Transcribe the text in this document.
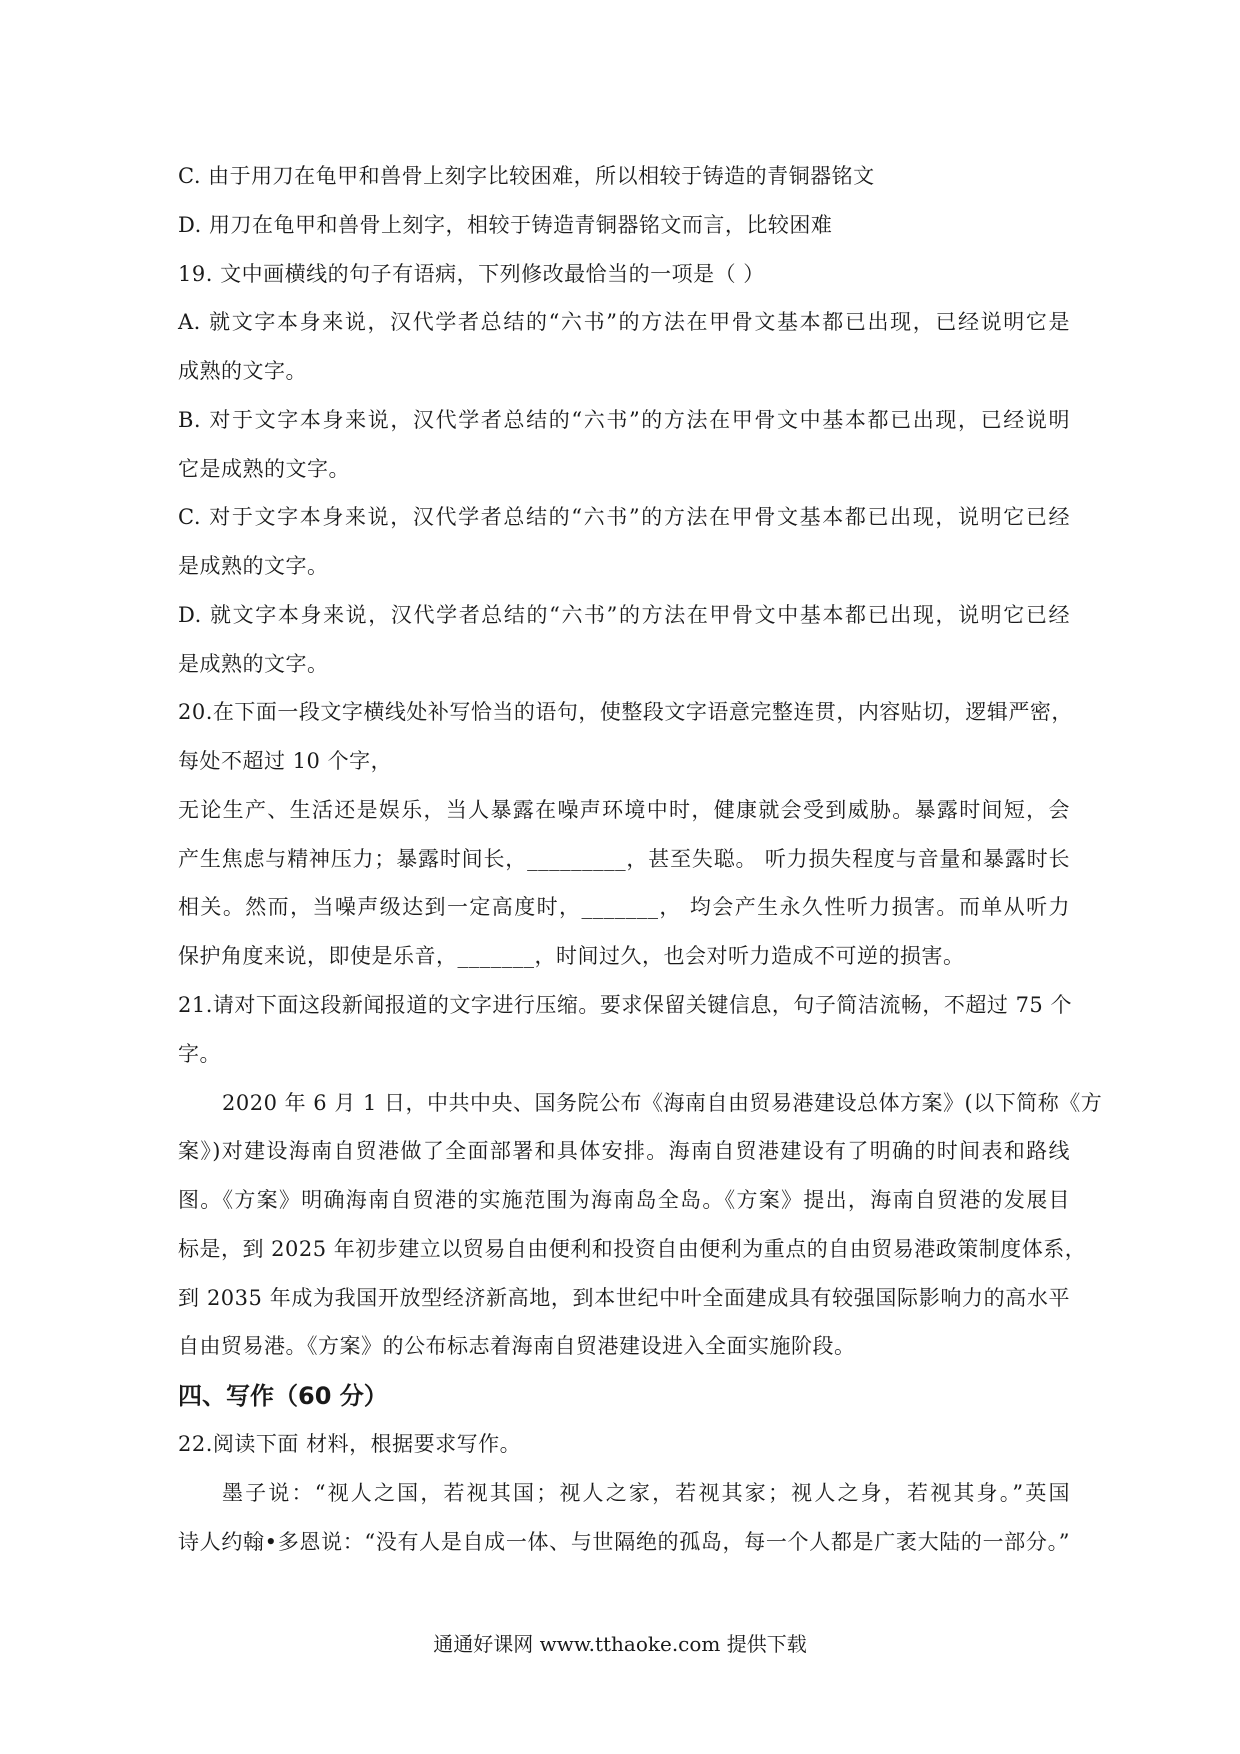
C. 由于用刀在龟甲和兽骨上刻字比较困难，所以相较于铸造的青铜器铭文
D. 用刀在龟甲和兽骨上刻字，相较于铸造青铜器铭文而言，比较困难
19. 文中画横线的句子有语病，下列修改最恰当的一项是（ ）
A. 就文字本身来说，汉代学者总结的“六书”的方法在甲骨文基本都已出现，已经说明它是
成熟的文字。
B. 对于文字本身来说，汉代学者总结的“六书”的方法在甲骨文中基本都已出现，已经说明
它是成熟的文字。
C. 对于文字本身来说，汉代学者总结的“六书”的方法在甲骨文基本都已出现，说明它已经
是成熟的文字。
D. 就文字本身来说，汉代学者总结的“六书”的方法在甲骨文中基本都已出现，说明它已经
是成熟的文字。
20.在下面一段文字横线处补写恰当的语句，使整段文字语意完整连贯，内容贴切，逻辑严密，
每处不超过 10 个字，
无论生产、生活还是娱乐，当人暴露在噪声环境中时，健康就会受到威胁。暴露时间短，会
产生焦虑与精神压力；暴露时间长，_________，甚至失聪。 听力损失程度与音量和暴露时长
相关。然而，当噪声级达到一定高度时，_______， 均会产生永久性听力损害。而单从听力
保护角度来说，即使是乐音，_______，时间过久，也会对听力造成不可逆的损害。
21.请对下面这段新闻报道的文字进行压缩。要求保留关键信息，句子简洁流畅，不超过 75 个
字。
2020 年 6 月 1 日，中共中央、国务院公布《海南自由贸易港建设总体方案》(以下简称《方
案》)对建设海南自贸港做了全面部署和具体安排。海南自贸港建设有了明确的时间表和路线
图。《方案》明确海南自贸港的实施范围为海南岛全岛。《方案》提出，海南自贸港的发展目
标是，到 2025 年初步建立以贸易自由便利和投资自由便利为重点的自由贸易港政策制度体系，
到 2035 年成为我国开放型经济新高地，到本世纪中叶全面建成具有较强国际影响力的高水平
自由贸易港。《方案》的公布标志着海南自贸港建设进入全面实施阶段。
四、写作（60 分）
22.阅读下面 材料，根据要求写作。
墨子说：“视人之国，若视其国；视人之家，若视其家；视人之身，若视其身。”英国
诗人约翰•多恩说：“没有人是自成一体、与世隔绝的孤岛，每一个人都是广袤大陆的一部分。”
通通好课网 www.tthaoke.com 提供下载
